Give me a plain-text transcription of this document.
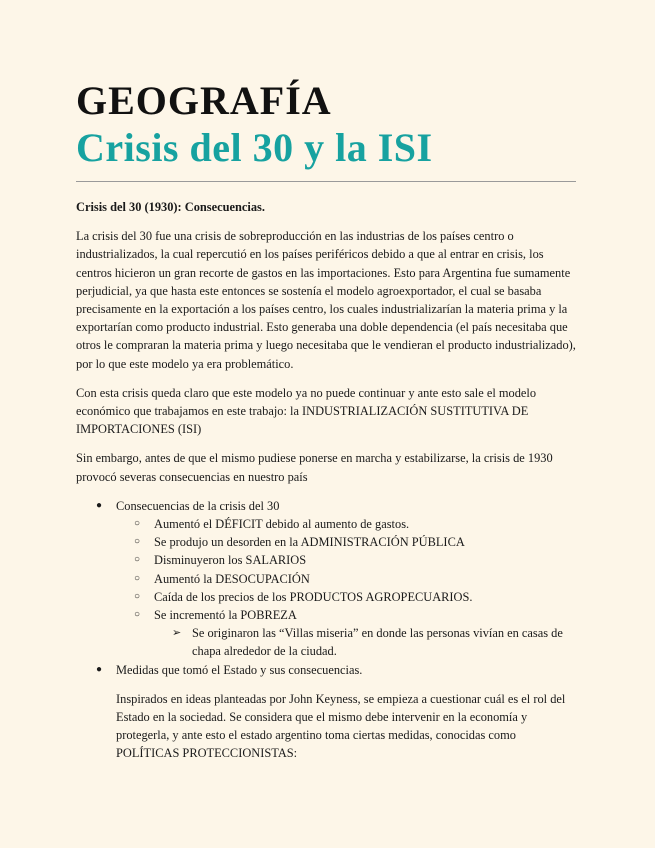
GEOGRAFÍA
Crisis del 30 y la ISI

Crisis del 30 (1930): Consecuencias.

La crisis del 30 fue una crisis de sobreproducción en las industrias de los países centro o industrializados, la cual repercutió en los países periféricos debido a que al entrar en crisis, los centros hicieron un gran recorte de gastos en las importaciones. Esto para Argentina fue sumamente perjudicial, ya que hasta este entonces se sostenía el modelo agroexportador, el cual se basaba precisamente en la exportación a los países centro, los cuales industrializarían la materia prima y la exportarían como producto industrial. Esto generaba una doble dependencia (el país necesitaba que otros le compraran la materia prima y luego necesitaba que le vendieran el producto industrializado), por lo que este modelo ya era problemático.

Con esta crisis queda claro que este modelo ya no puede continuar y ante esto sale el modelo económico que trabajamos en este trabajo: la INDUSTRIALIZACIÓN SUSTITUTIVA DE IMPORTACIONES (ISI)

Sin embargo, antes de que el mismo pudiese ponerse en marcha y estabilizarse, la crisis de 1930 provocó severas consecuencias en nuestro país

● Consecuencias de la crisis del 30
○ Aumentó el DÉFICIT debido al aumento de gastos.
○ Se produjo un desorden en la ADMINISTRACIÓN PÚBLICA
○ Disminuyeron los SALARIOS
○ Aumentó la DESOCUPACIÓN
○ Caída de los precios de los PRODUCTOS AGROPECUARIOS.
○ Se incrementó la POBREZA
➢ Se originaron las “Villas miseria” en donde las personas vivían en casas de chapa alrededor de la ciudad.
● Medidas que tomó el Estado y sus consecuencias.

Inspirados en ideas planteadas por John Keyness, se empieza a cuestionar cuál es el rol del Estado en la sociedad. Se considera que el mismo debe intervenir en la economía y protegerla, y ante esto el estado argentino toma ciertas medidas, conocidas como POLÍTICAS PROTECCIONISTAS:
